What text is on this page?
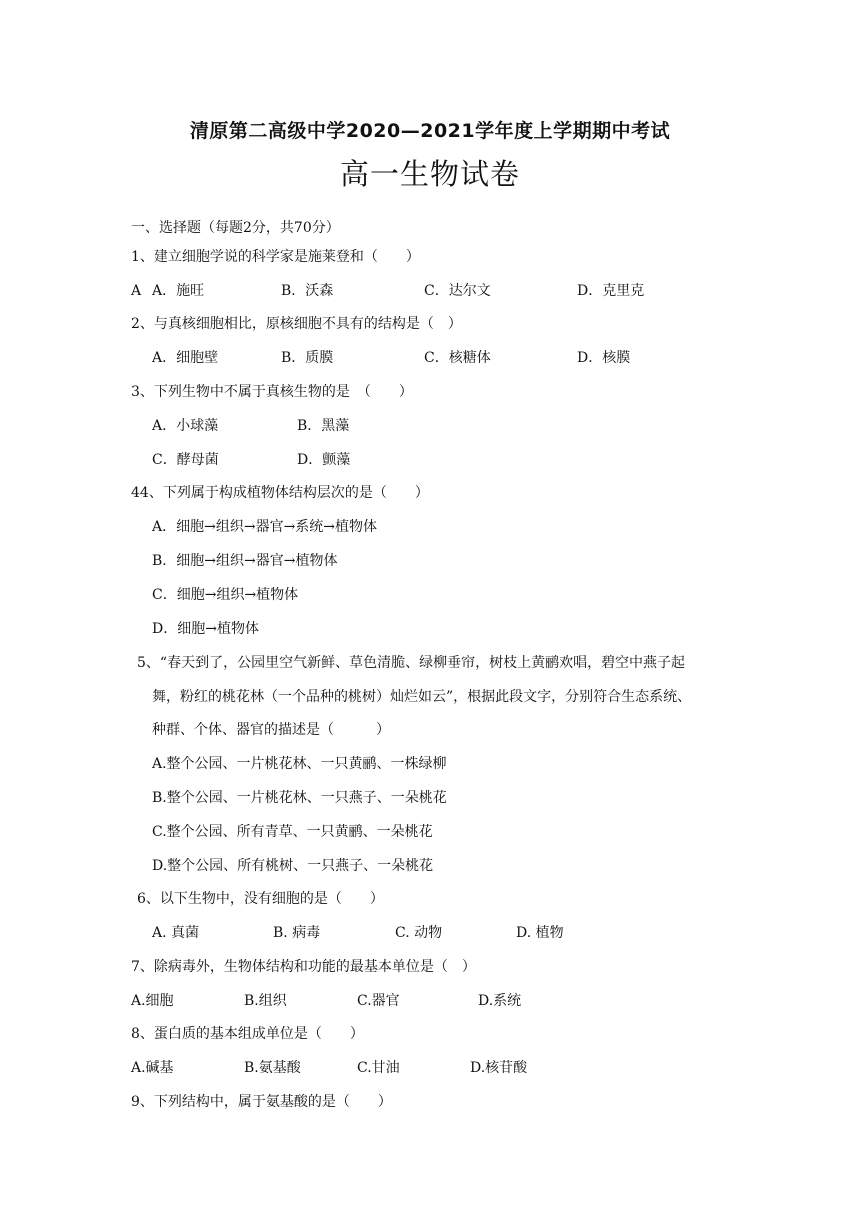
清原第二高级中学2020—2021学年度上学期期中考试
高一生物试卷
一、选择题（每题2分，共70分）
1、建立细胞学说的科学家是施莱登和（　　）
A A．施旺	B．沃森	C．达尔文	D．克里克
2、与真核细胞相比，原核细胞不具有的结构是（　）
A．细胞壁	B．质膜	C．核糖体	D．核膜
3、下列生物中不属于真核生物的是　（　　）
A．小球藻	B．黑藻
C．酵母菌	D．颤藻
44、下列属于构成植物体结构层次的是（　　）
A．细胞→组织→器官→系统→植物体
B．细胞→组织→器官→植物体
C．细胞→组织→植物体
D．细胞→植物体
5、“春天到了，公园里空气新鲜、草色清脆、绿柳垂帘，树枝上黄鹂欢唱，碧空中燕子起
舞，粉红的桃花林（一个品种的桃树）灿烂如云”，根据此段文字，分别符合生态系统、
种群、个体、器官的描述是（　　　）
A.整个公园、一片桃花林、一只黄鹂、一株绿柳
B.整个公园、一片桃花林、一只燕子、一朵桃花
C.整个公园、所有青草、一只黄鹂、一朵桃花
D.整个公园、所有桃树、一只燕子、一朵桃花
6、以下生物中，没有细胞的是（　　）
A. 真菌	B. 病毒	C. 动物	D. 植物
7、除病毒外，生物体结构和功能的最基本单位是（　）
A.细胞	B.组织	C.器官	D.系统
8、蛋白质的基本组成单位是（　　）
A.碱基	B.氨基酸	C.甘油	D.核苷酸
9、下列结构中，属于氨基酸的是（　　）
